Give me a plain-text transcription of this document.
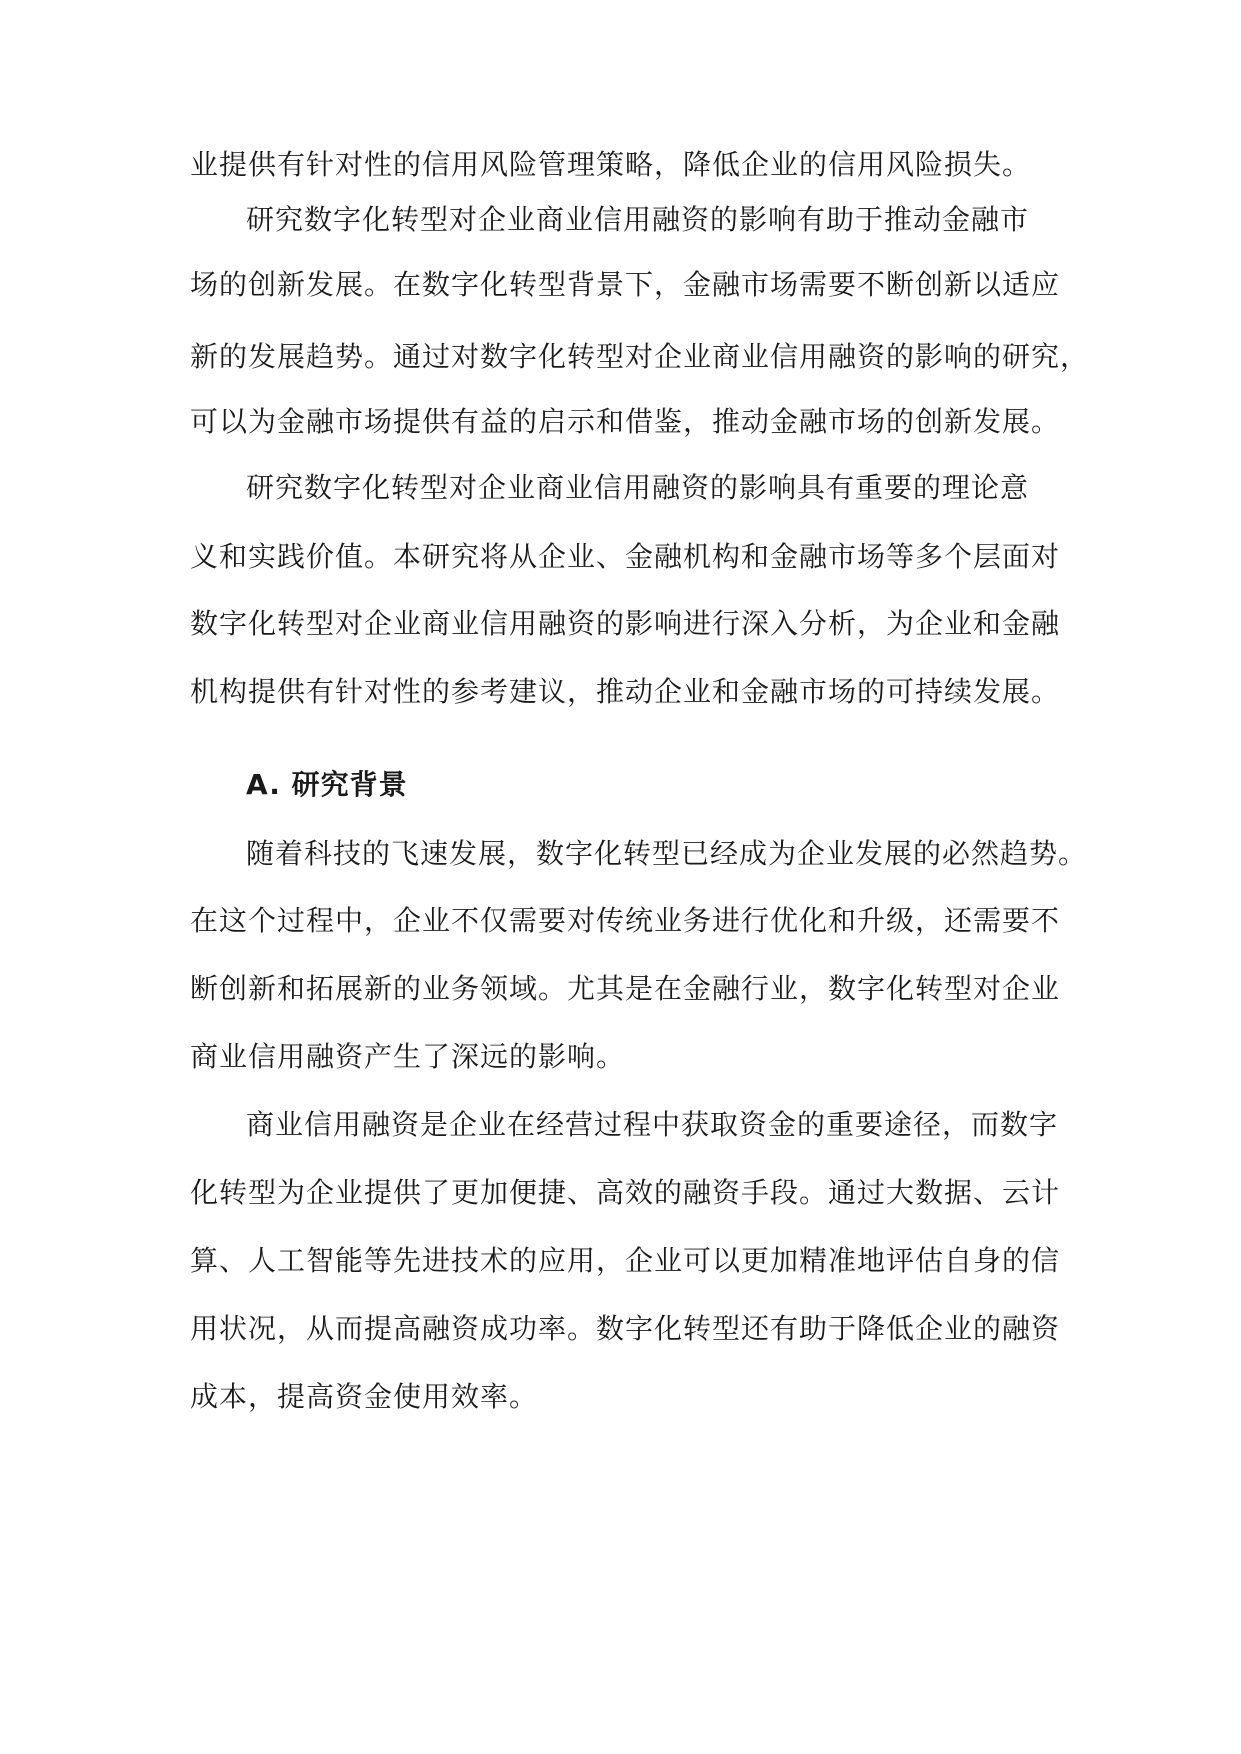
业提供有针对性的信用风险管理策略，降低企业的信用风险损失。
研究数字化转型对企业商业信用融资的影响有助于推动金融市
场的创新发展。在数字化转型背景下，金融市场需要不断创新以适应
新的发展趋势。通过对数字化转型对企业商业信用融资的影响的研究，
可以为金融市场提供有益的启示和借鉴，推动金融市场的创新发展。
研究数字化转型对企业商业信用融资的影响具有重要的理论意
义和实践价值。本研究将从企业、金融机构和金融市场等多个层面对
数字化转型对企业商业信用融资的影响进行深入分析，为企业和金融
机构提供有针对性的参考建议，推动企业和金融市场的可持续发展。
A. 研究背景
随着科技的飞速发展，数字化转型已经成为企业发展的必然趋势。
在这个过程中，企业不仅需要对传统业务进行优化和升级，还需要不
断创新和拓展新的业务领域。尤其是在金融行业，数字化转型对企业
商业信用融资产生了深远的影响。
商业信用融资是企业在经营过程中获取资金的重要途径，而数字
化转型为企业提供了更加便捷、高效的融资手段。通过大数据、云计
算、人工智能等先进技术的应用，企业可以更加精准地评估自身的信
用状况，从而提高融资成功率。数字化转型还有助于降低企业的融资
成本，提高资金使用效率。
